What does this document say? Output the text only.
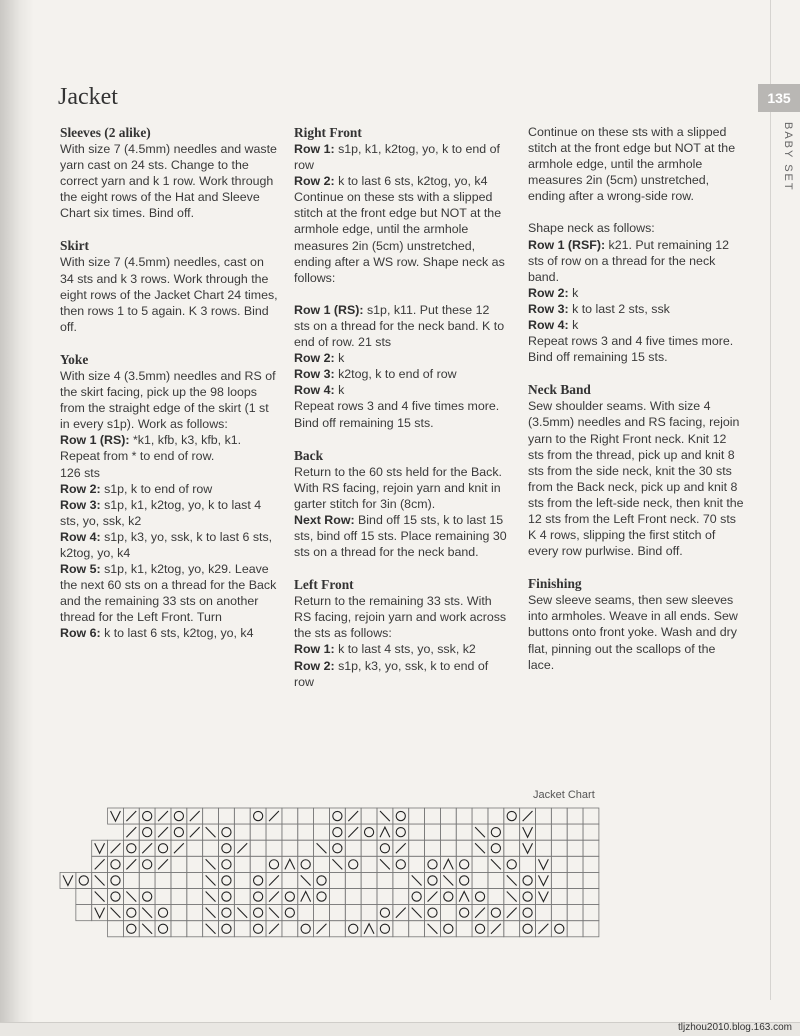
Jacket	135
BABY SET
Sleeves (2 alike)

With size 7 (4.5mm) needles and waste yarn cast on 24 sts. Change to the correct yarn and k 1 row. Work through the eight rows of the Hat and Sleeve Chart six times. Bind off.

Skirt

With size 7 (4.5mm) needles, cast on 34 sts and k 3 rows. Work through the eight rows of the Jacket Chart 24 times, then rows 1 to 5 again. K 3 rows. Bind off.

Yoke

With size 4 (3.5mm) needles and RS of the skirt facing, pick up the 98 loops from the straight edge of the skirt (1 st in every s1p). Work as follows:

Row 1 (RS): *k1, kfb, k3, kfb, k1. Repeat from * to end of row.

126 sts

Row 2: s1p, k to end of row

Row 3: s1p, k1, k2tog, yo, k to last 4 sts, yo, ssk, k2

Row 4: s1p, k3, yo, ssk, k to last 6 sts, k2tog, yo, k4

Row 5: s1p, k1, k2tog, yo, k29. Leave the next 60 sts on a thread for the Back and the remaining 33 sts on another thread for the Left Front. Turn

Row 6: k to last 6 sts, k2tog, yo, k4

Right Front

Row 1: s1p, k1, k2tog, yo, k to end of row

Row 2: k to last 6 sts, k2tog, yo, k4 Continue on these sts with a slipped stitch at the front edge but NOT at the armhole edge, until the armhole measures 2in (5cm) unstretched, ending after a WS row. Shape neck as follows:

Row 1 (RS): s1p, k11. Put these 12 sts on a thread for the neck band. K to end of row. 21 sts

Row 2: k

Row 3: k2tog, k to end of row

Row 4: k

Repeat rows 3 and 4 five times more. Bind off remaining 15 sts.

Back

Return to the 60 sts held for the Back. With RS facing, rejoin yarn and knit in garter stitch for 3in (8cm).

Next Row: Bind off 15 sts, k to last 15 sts, bind off 15 sts. Place remaining 30 sts on a thread for the neck band.

Left Front

Return to the remaining 33 sts. With RS facing, rejoin yarn and work across the sts as follows:

Row 1: k to last 4 sts, yo, ssk, k2

Row 2: s1p, k3, yo, ssk, k to end of row

Continue on these sts with a slipped stitch at the front edge but NOT at the armhole edge, until the armhole measures 2in (5cm) unstretched, ending after a wrong-side row.

Shape neck as follows:

Row 1 (RSF): k21. Put remaining 12 sts of row on a thread for the neck band.

Row 2: k

Row 3: k to last 2 sts, ssk

Row 4: k

Repeat rows 3 and 4 five times more. Bind off remaining 15 sts.

Neck Band

Sew shoulder seams. With size 4 (3.5mm) needles and RS facing, rejoin yarn to the Right Front neck. Knit 12 sts from the thread, pick up and knit 8 sts from the side neck, knit the 30 sts from the Back neck, pick up and knit 8 sts from the left-side neck, then knit the 12 sts from the Left Front neck. 70 sts

K 4 rows, slipping the first stitch of every row purlwise. Bind off.

Finishing

Sew sleeve seams, then sew sleeves into armholes. Weave in all ends. Sew buttons onto front yoke. Wash and dry flat, pinning out the scallops of the lace.

Jacket Chart
tljzhou2010.blog.163.com
